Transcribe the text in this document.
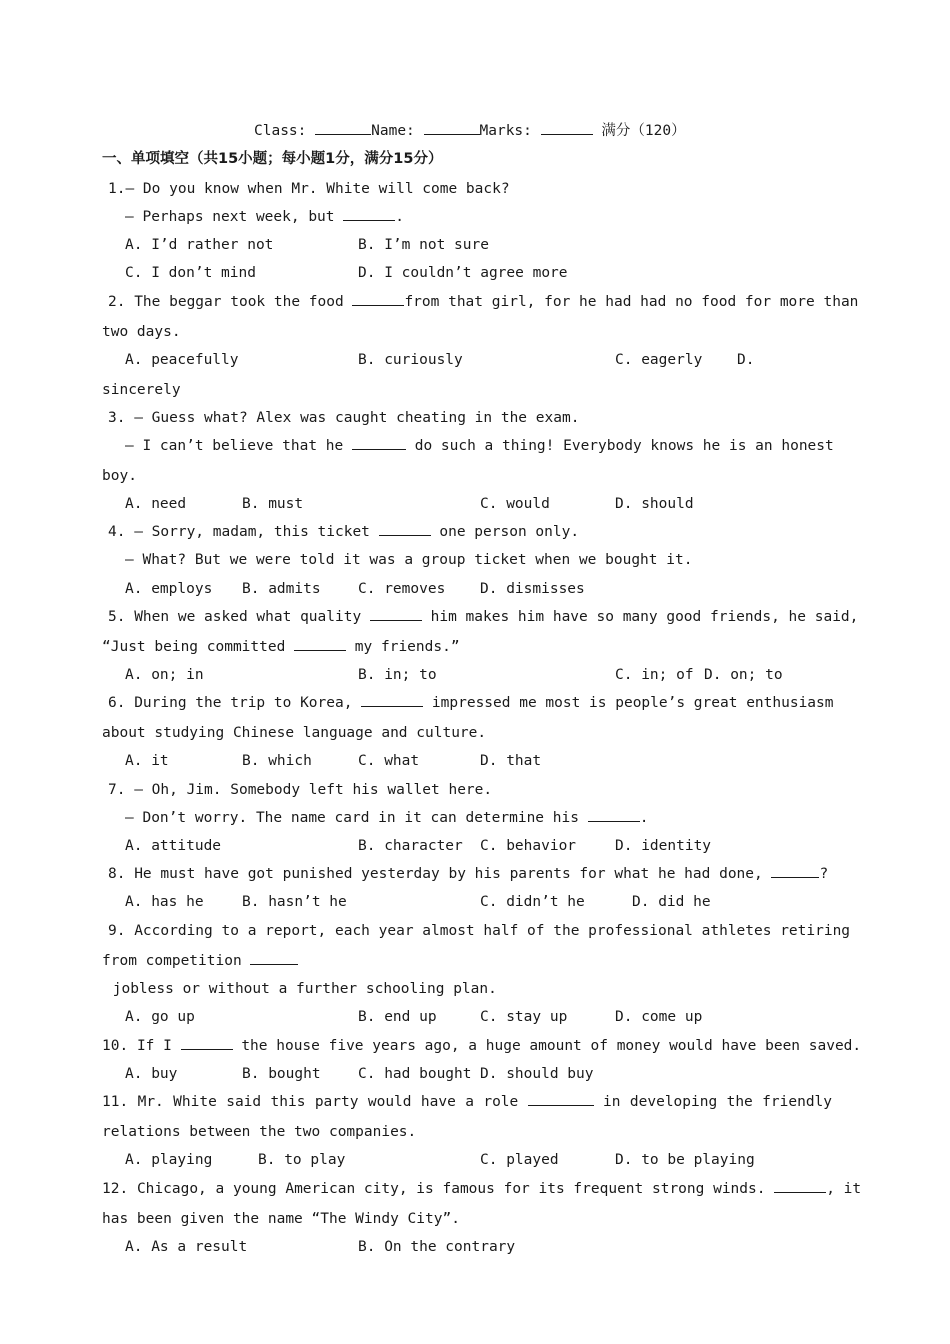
Class:	Name:	Marks:	满分（120）
一、单项填空（共15小题；每小题1分，满分15分）
1.— Do you know when Mr. White will come back?
— Perhaps next week, but	.
A. I’d rather not	B. I’m not sure
C. I don’t mind	D. I couldn’t agree more
2. The beggar took the food	from that girl, for he had had no food for more than
two days.
A. peacefully	B. curiously	C. eagerly D.
sincerely
3. — Guess what? Alex was caught cheating in the exam.
— I can’t believe that he	do such a thing! Everybody knows he is an honest
boy.
A. need	B. must	C. would	D. should
4. — Sorry, madam, this ticket	one person only.
— What? But we were told it was a group ticket when we bought it.
A. employs B. admits	C. removes D. dismisses
5. When we asked what quality	him makes him have so many good friends, he said,
“Just being committed	my friends.”
A. on; in	B. in; to	C. in; of D. on; to
6. During the trip to Korea,	impressed me most is people’s great enthusiasm
about studying Chinese language and culture.
A. it	B. which	C. what	D. that
7. — Oh, Jim. Somebody left his wallet here.
— Don’t worry. The name card in it can determine his	.
A. attitude	B. character C. behavior	D. identity
8. He must have got punished yesterday by his parents for what he had done,	?
A. has he	B. hasn’t he	C. didn’t he	D. did he
9. According to a report, each year almost half of the professional athletes retiring
from competition
jobless or without a further schooling plan.
A. go up	B. end up	C. stay up	D. come up
10. If I	the house five years ago, a huge amount of money would have been saved.
A. buy	B. bought	C. had bought D. should buy
11. Mr. White said this party would have a role	in developing the friendly
relations between the two companies.
A. playing	B. to play	C. played	D. to be playing
12. Chicago, a young American city, is famous for its frequent strong winds.	, it
has been given the name “The Windy City”.
A. As a result	B. On the contrary
